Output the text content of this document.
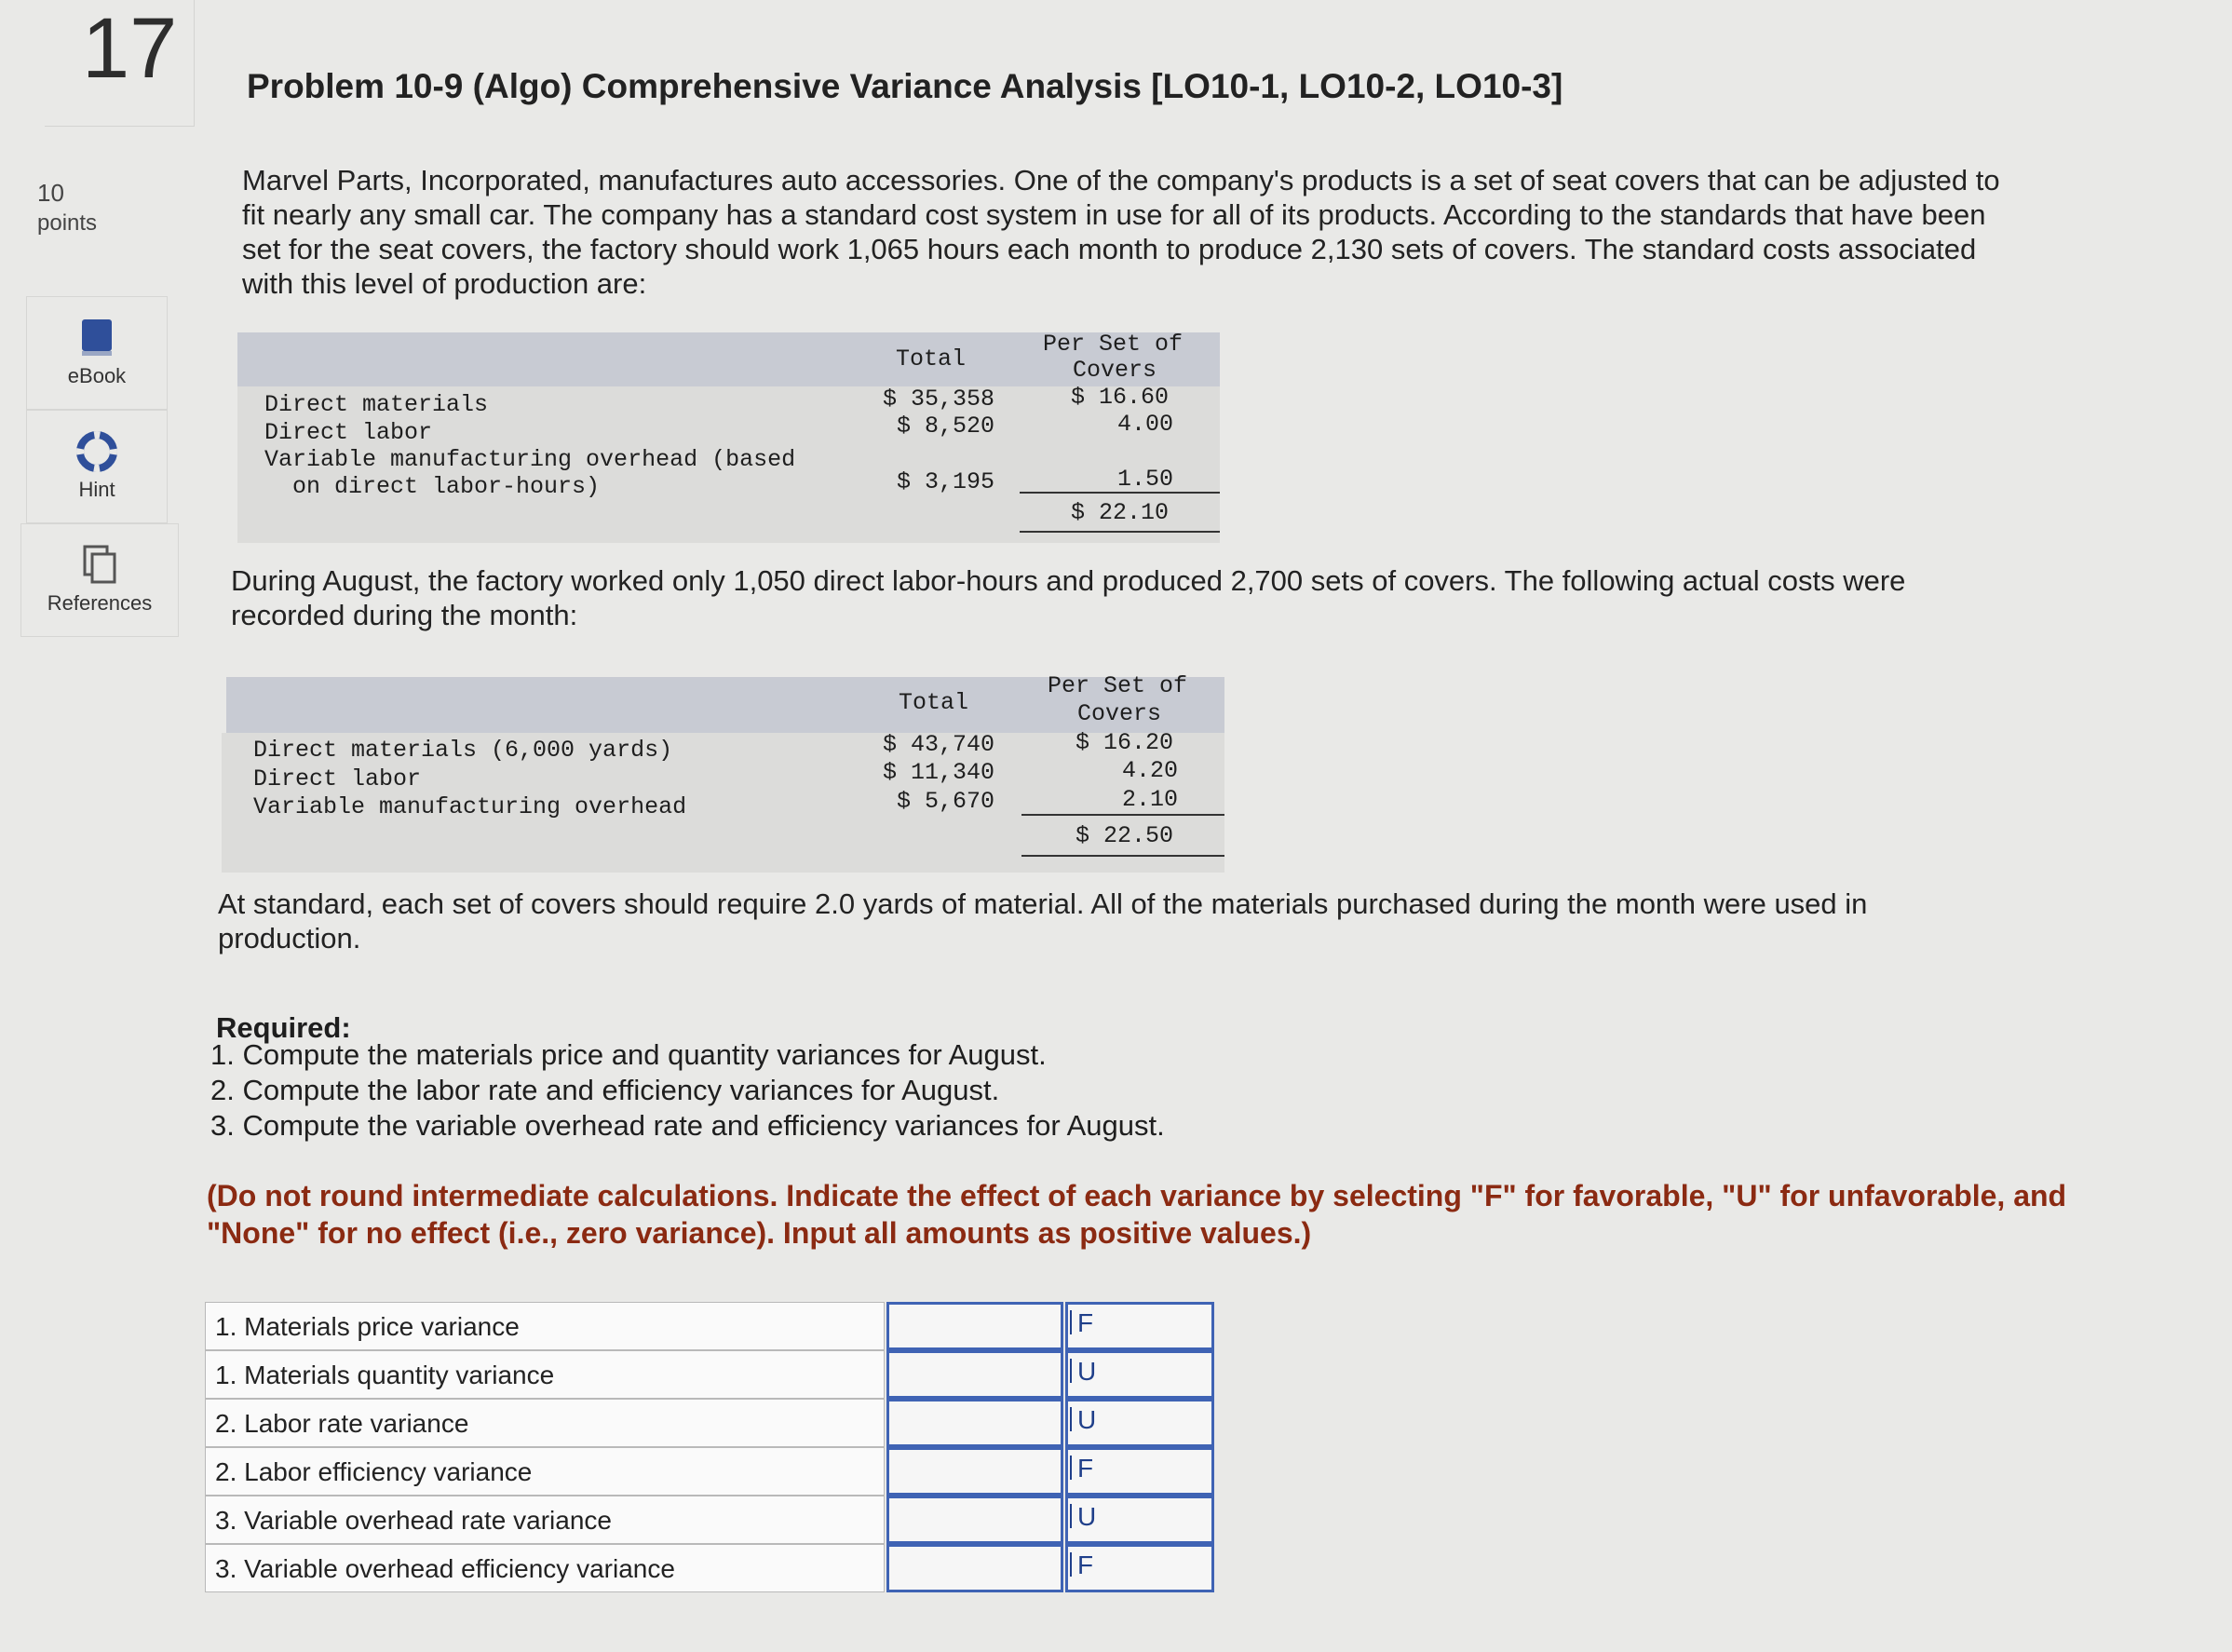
17
10
points
eBook
Hint
References
Problem 10-9 (Algo) Comprehensive Variance Analysis [LO10-1, LO10-2, LO10-3]
Marvel Parts, Incorporated, manufactures auto accessories. One of the company's products is a set of seat covers that can be adjusted to fit nearly any small car. The company has a standard cost system in use for all of its products. According to the standards that have been set for the seat covers, the factory should work 1,065 hours each month to produce 2,130 sets of covers. The standard costs associated with this level of production are:
Total
Per Set of
Covers
Direct materials	$ 35,358	$ 16.60
Direct labor	$ 8,520	4.00
Variable manufacturing overhead (based
on direct labor-hours)	$ 3,195	1.50
$ 22.10
During August, the factory worked only 1,050 direct labor-hours and produced 2,700 sets of covers. The following actual costs were recorded during the month:
Total
Per Set of
Covers
Direct materials (6,000 yards)	$ 43,740	$ 16.20
Direct labor	$ 11,340	4.20
Variable manufacturing overhead	$ 5,670	2.10
$ 22.50
At standard, each set of covers should require 2.0 yards of material. All of the materials purchased during the month were used in production.
Required:
1. Compute the materials price and quantity variances for August.
2. Compute the labor rate and efficiency variances for August.
3. Compute the variable overhead rate and efficiency variances for August.
(Do not round intermediate calculations. Indicate the effect of each variance by selecting "F" for favorable, "U" for unfavorable, and "None" for no effect (i.e., zero variance). Input all amounts as positive values.)
1. Materials price variance	F
1. Materials quantity variance	U
2. Labor rate variance	U
2. Labor efficiency variance	F
3. Variable overhead rate variance	U
3. Variable overhead efficiency variance	F
